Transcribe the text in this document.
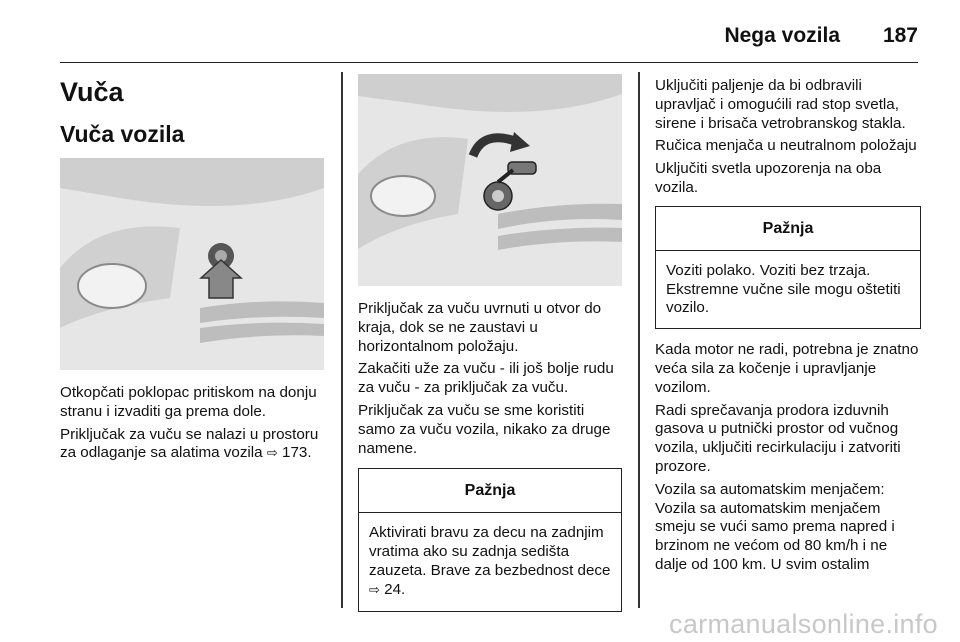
Nega vozila 187
Vuča
Vuča vozila

Otkopčati poklopac pritiskom na donju stranu i izvaditi ga prema dole.

Priključak za vuču se nalazi u prostoru za odlaganje sa alatima vozila ⇨ 173.

Priključak za vuču uvrnuti u otvor do kraja, dok se ne zaustavi u horizontalnom položaju.

Zakačiti uže za vuču - ili još bolje rudu za vuču - za priključak za vuču.

Priključak za vuču se sme koristiti samo za vuču vozila, nikako za druge namene.

Pažnja
Aktivirati bravu za decu na zadnjim vratima ako su zadnja sedišta zauzeta. Brave za bezbednost dece ⇨ 24.

Uključiti paljenje da bi odbravili upravljač i omogućili rad stop svetla, sirene i brisača vetrobranskog stakla.

Ručica menjača u neutralnom položaju

Uključiti svetla upozorenja na oba vozila.

Pažnja
Voziti polako. Voziti bez trzaja. Ekstremne vučne sile mogu oštetiti vozilo.

Kada motor ne radi, potrebna je znatno veća sila za kočenje i upravljanje vozilom.

Radi sprečavanja prodora izduvnih gasova u putnički prostor od vučnog vozila, uključiti recirkulaciju i zatvoriti prozore.

Vozila sa automatskim menjačem: Vozila sa automatskim menjačem smeju se vući samo prema napred i brzinom ne većom od 80 km/h i ne dalje od 100 km. U svim ostalim

carmanualsonline.info
